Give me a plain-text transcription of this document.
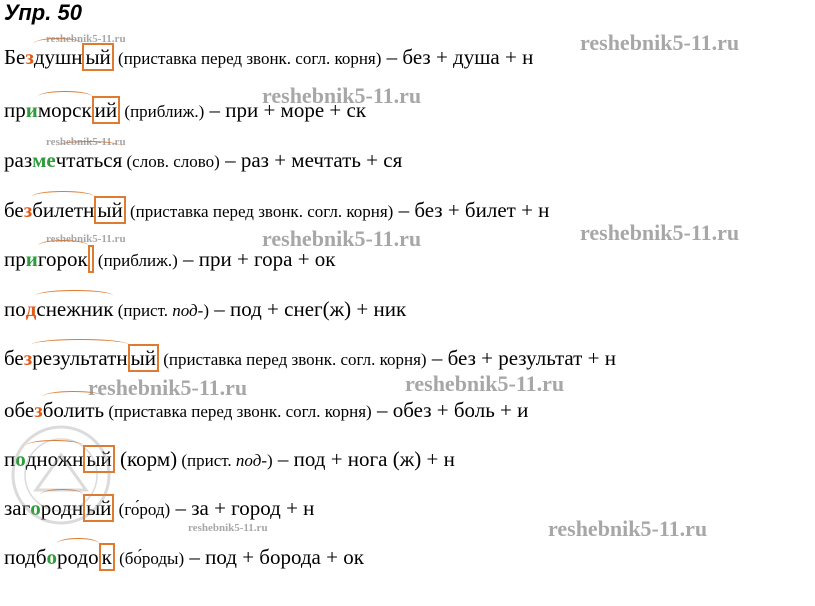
Упр. 50
Бездушн ый (приставка перед звонк. согл. корня) – без + душа + н
приморск ий (приближ.) – при + море + ск
размечтаться (слов. слово) – раз + мечтать + ся
безбилетн ый (приставка перед звонк. согл. корня) – без + билет + н
пригорок (приближ.) – при + гора + ок
подснежник (прист. под-) – под + снег(ж) + ник
безрезультатн ый (приставка перед звонк. согл. корня) – без + результат + н
обезболить (приставка перед звонк. согл. корня) – обез + боль + и
подножн ый (корм) (прист. под-) – под + нога (ж) + н
загородн ый (го́род) – за + город + н
подбородо к (бо́роды) – под + борода + ок
reshebnik5-11.ru	reshebnik5-11.ru
reshebnik5-11.ru
reshebnik5-11.ru
reshebnik5-11.ru
reshebnik5-11.ru
reshebnik5-11.ru
reshebnik5-11.ru	reshebnik5-11.ru
reshebnik5-11.ru	reshebnik5-11.ru
